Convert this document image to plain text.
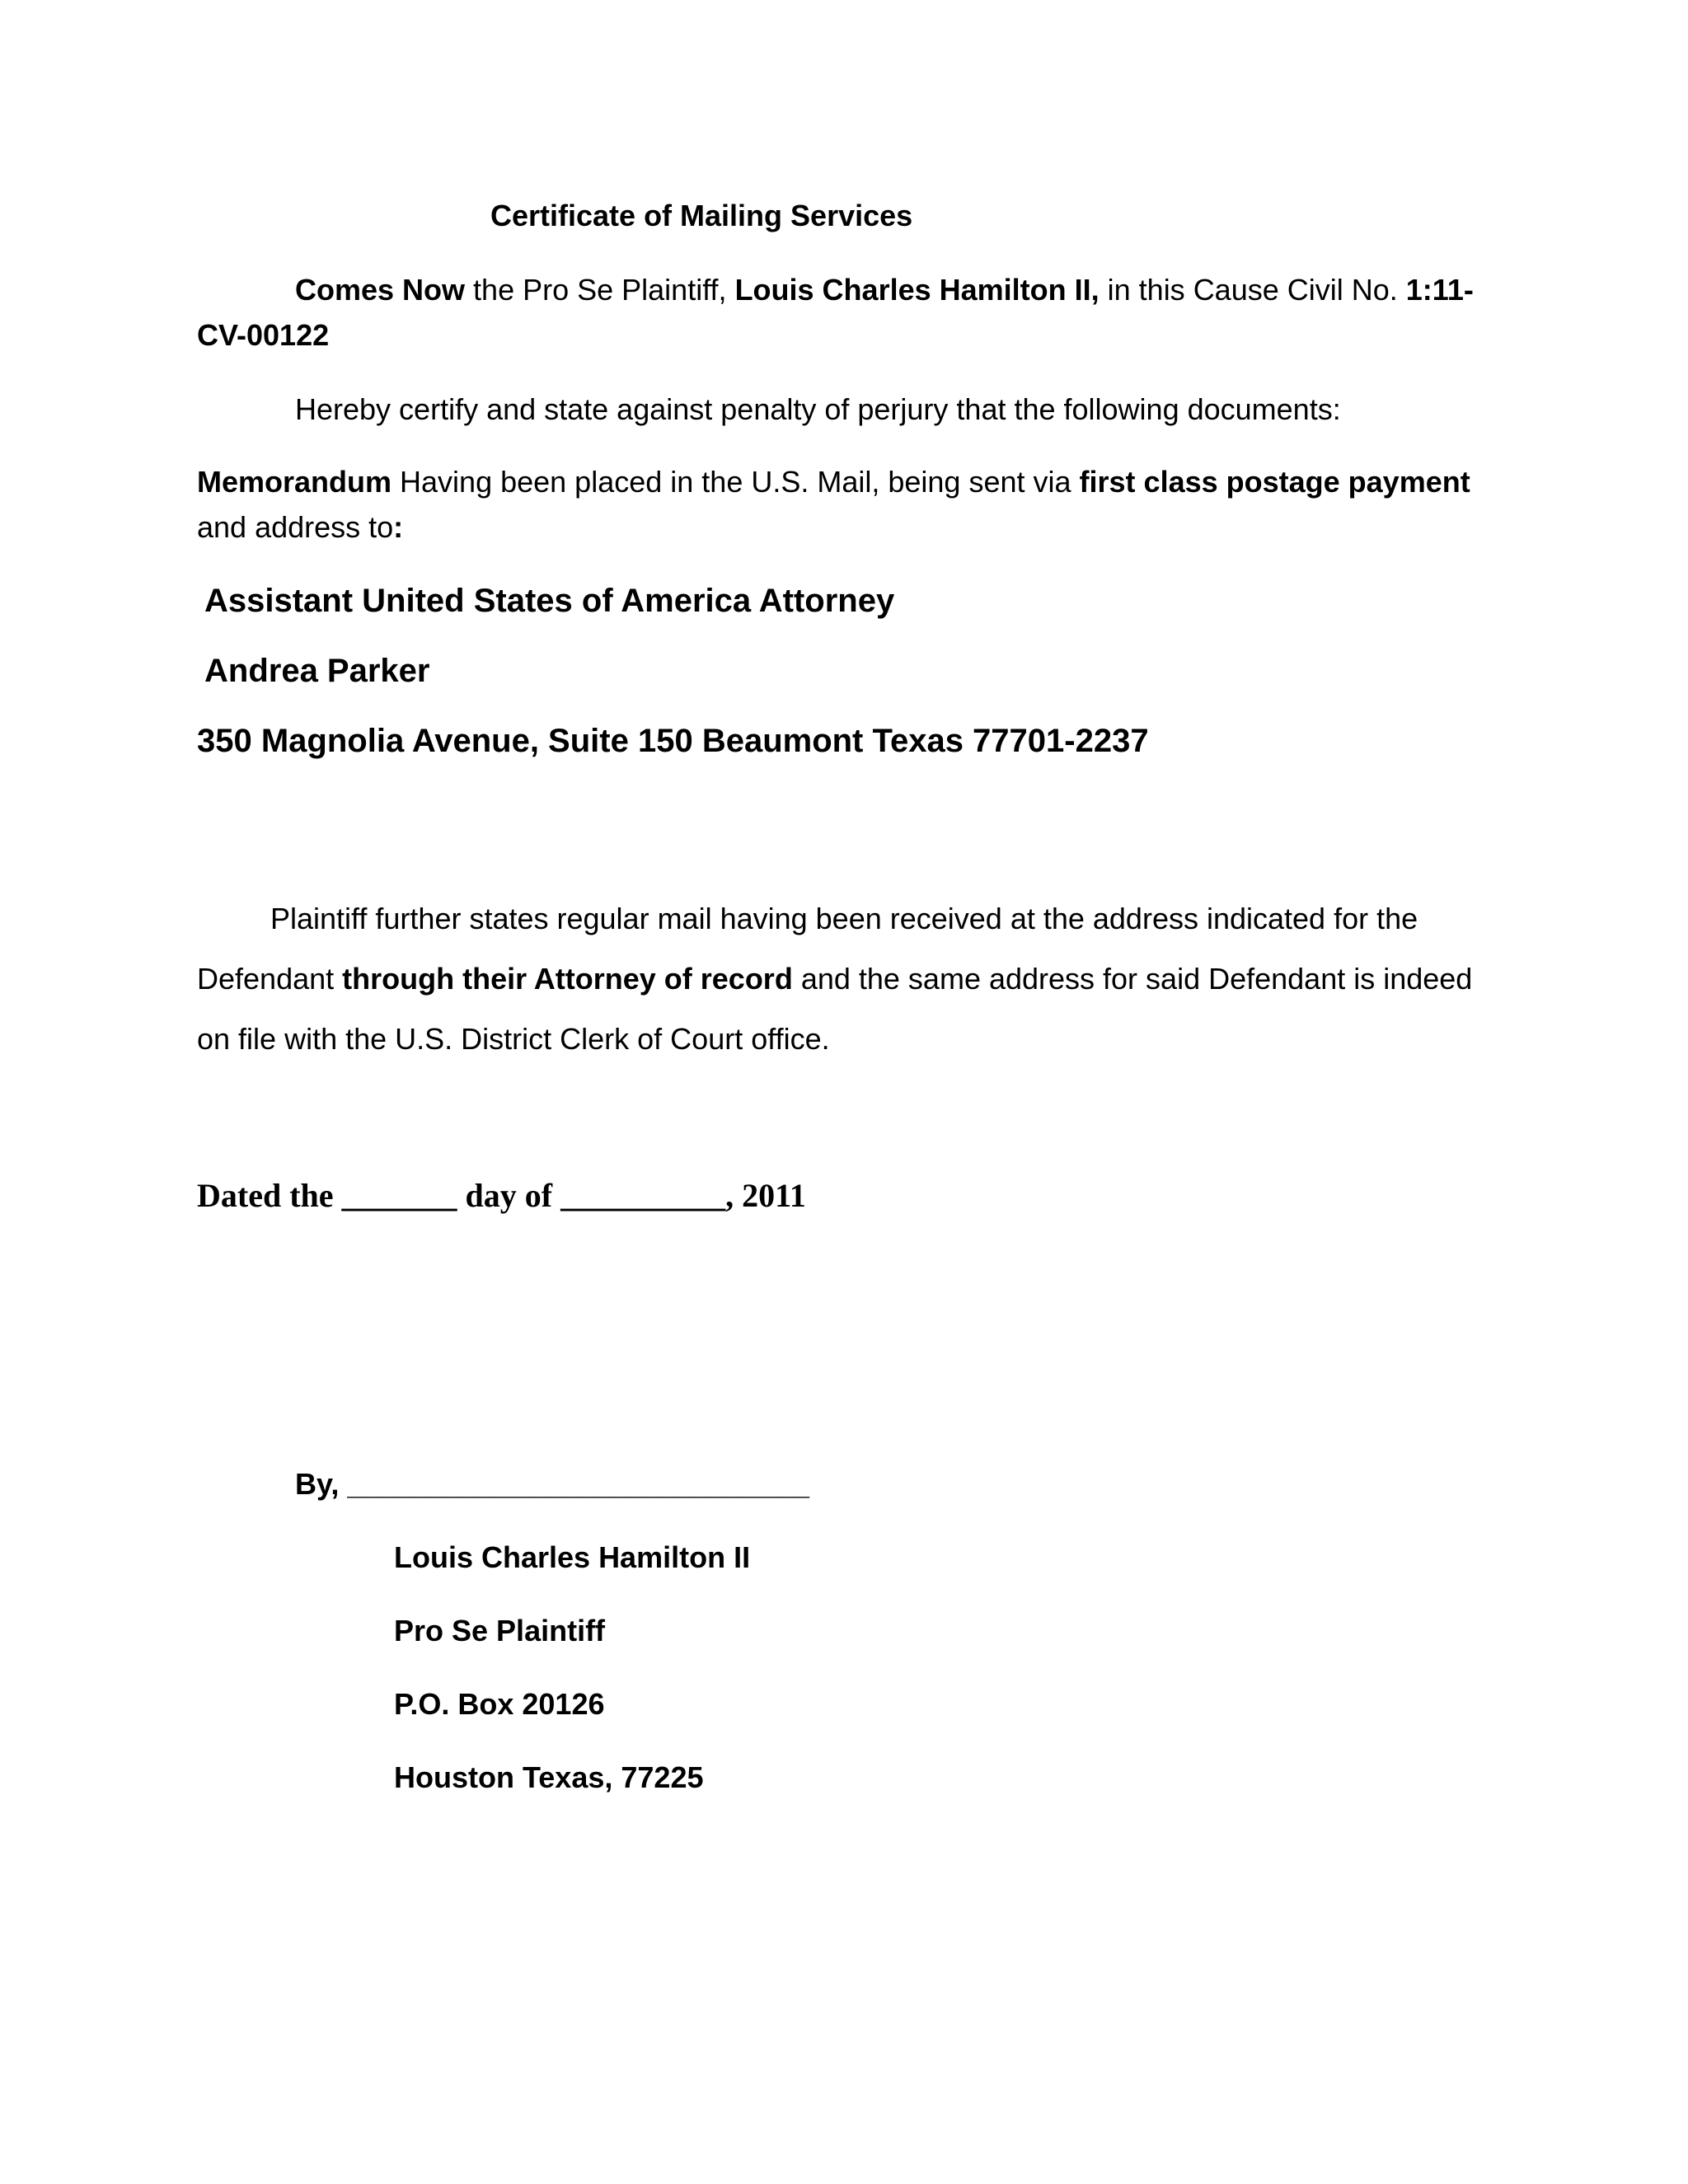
Certificate of Mailing Services
Comes Now the Pro Se Plaintiff, Louis Charles Hamilton II, in this Cause Civil No. 1:11-
CV-00122
Hereby certify and state against penalty of perjury that the following documents:
Memorandum Having been placed in the U.S. Mail, being sent via first class postage payment
and address to:
Assistant United States of America Attorney
Andrea Parker
350 Magnolia Avenue, Suite 150 Beaumont Texas 77701-2237
Plaintiff further states regular mail having been received at the address indicated for the
Defendant through their Attorney of record and the same address for said Defendant is indeed
on file with the U.S. District Clerk of Court office.
Dated the _______ day of __________, 2011
By, ____________________________
Louis Charles Hamilton II
Pro Se Plaintiff
P.O. Box 20126
Houston Texas, 77225
